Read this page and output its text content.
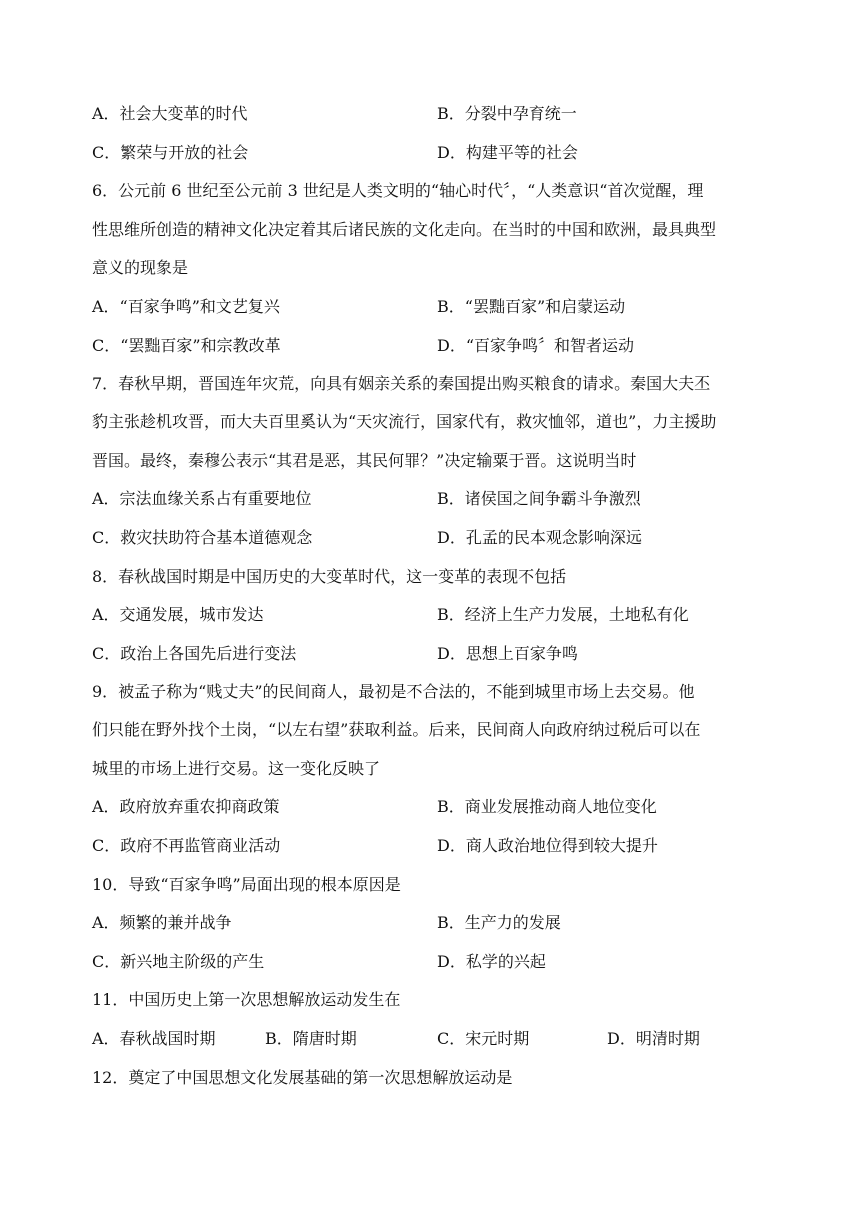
A．社会大变革的时代	B．分裂中孕育统一
C．繁荣与开放的社会	D．构建平等的社会
6．公元前 6 世纪至公元前 3 世纪是人类文明的“轴心时代〞，“人类意识“首次觉醒，理
性思维所创造的精神文化决定着其后诸民族的文化走向。在当时的中国和欧洲，最具典型
意义的现象是
A．“百家争鸣”和文艺复兴	B．“罢黜百家”和启蒙运动
C．“罢黜百家”和宗教改革	D．“百家争鸣〞和智者运动
7．春秋早期，晋国连年灾荒，向具有姻亲关系的秦国提出购买粮食的请求。秦国大夫丕
豹主张趁机攻晋，而大夫百里奚认为“天灾流行，国家代有，救灾恤邻，道也”，力主援助
晋国。最终，秦穆公表示“其君是恶，其民何罪？”决定输粟于晋。这说明当时
A．宗法血缘关系占有重要地位	B．诸侯国之间争霸斗争激烈
C．救灾扶助符合基本道德观念	D．孔孟的民本观念影响深远
8．春秋战国时期是中国历史的大变革时代，这一变革的表现不包括
A．交通发展，城市发达	B．经济上生产力发展，土地私有化
C．政治上各国先后进行变法	D．思想上百家争鸣
9．被孟子称为“贱丈夫”的民间商人，最初是不合法的，不能到城里市场上去交易。他
们只能在野外找个土岗，“以左右望”获取利益。后来，民间商人向政府纳过税后可以在
城里的市场上进行交易。这一变化反映了
A．政府放弃重农抑商政策	B．商业发展推动商人地位变化
C．政府不再监管商业活动	D．商人政治地位得到较大提升
10．导致“百家争鸣”局面出现的根本原因是
A．频繁的兼并战争	B．生产力的发展
C．新兴地主阶级的产生	D．私学的兴起
11．中国历史上第一次思想解放运动发生在
A．春秋战国时期	B．隋唐时期	C．宋元时期	D．明清时期
12．奠定了中国思想文化发展基础的第一次思想解放运动是
